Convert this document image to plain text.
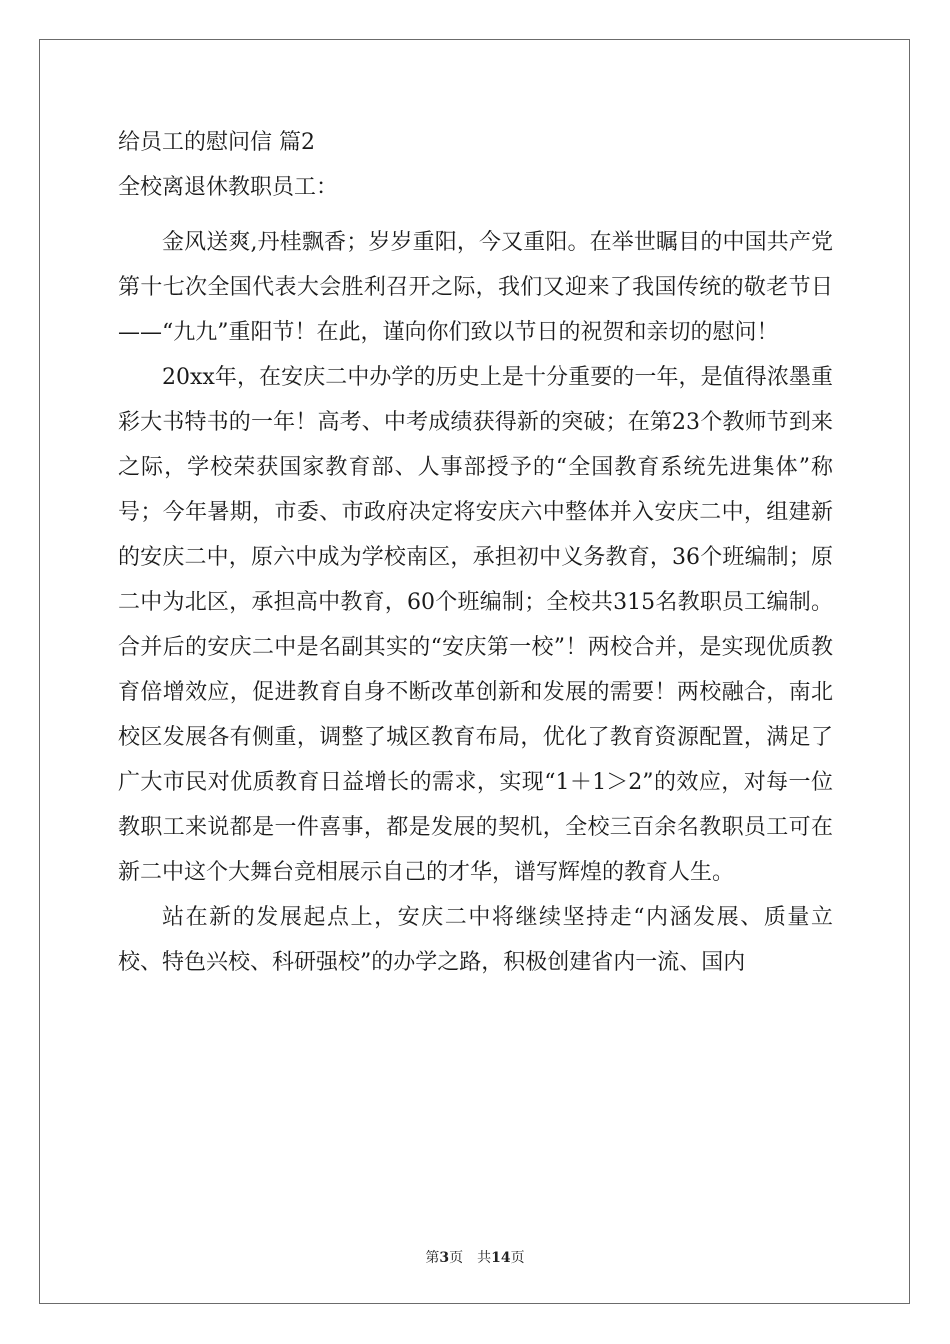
给员工的慰问信 篇2
全校离退休教职员工：

金风送爽,丹桂飘香；岁岁重阳，今又重阳。在举世瞩目的中国共产党第十七次全国代表大会胜利召开之际，我们又迎来了我国传统的敬老节日——“九九”重阳节！在此，谨向你们致以节日的祝贺和亲切的慰问！

20xx年，在安庆二中办学的历史上是十分重要的一年，是值得浓墨重彩大书特书的一年！高考、中考成绩获得新的突破；在第23个教师节到来之际，学校荣获国家教育部、人事部授予的“全国教育系统先进集体”称号；今年暑期，市委、市政府决定将安庆六中整体并入安庆二中，组建新的安庆二中，原六中成为学校南区，承担初中义务教育，36个班编制；原二中为北区，承担高中教育，60个班编制；全校共315名教职员工编制。合并后的安庆二中是名副其实的“安庆第一校”！两校合并，是实现优质教育倍增效应，促进教育自身不断改革创新和发展的需要！两校融合，南北校区发展各有侧重，调整了城区教育布局，优化了教育资源配置，满足了广大市民对优质教育日益增长的需求，实现“1＋1＞2”的效应，对每一位教职工来说都是一件喜事，都是发展的契机，全校三百余名教职员工可在新二中这个大舞台竞相展示自己的才华，谱写辉煌的教育人生。

站在新的发展起点上，安庆二中将继续坚持走“内涵发展、质量立校、特色兴校、科研强校”的办学之路，积极创建省内一流、国内

第3页　共14页
